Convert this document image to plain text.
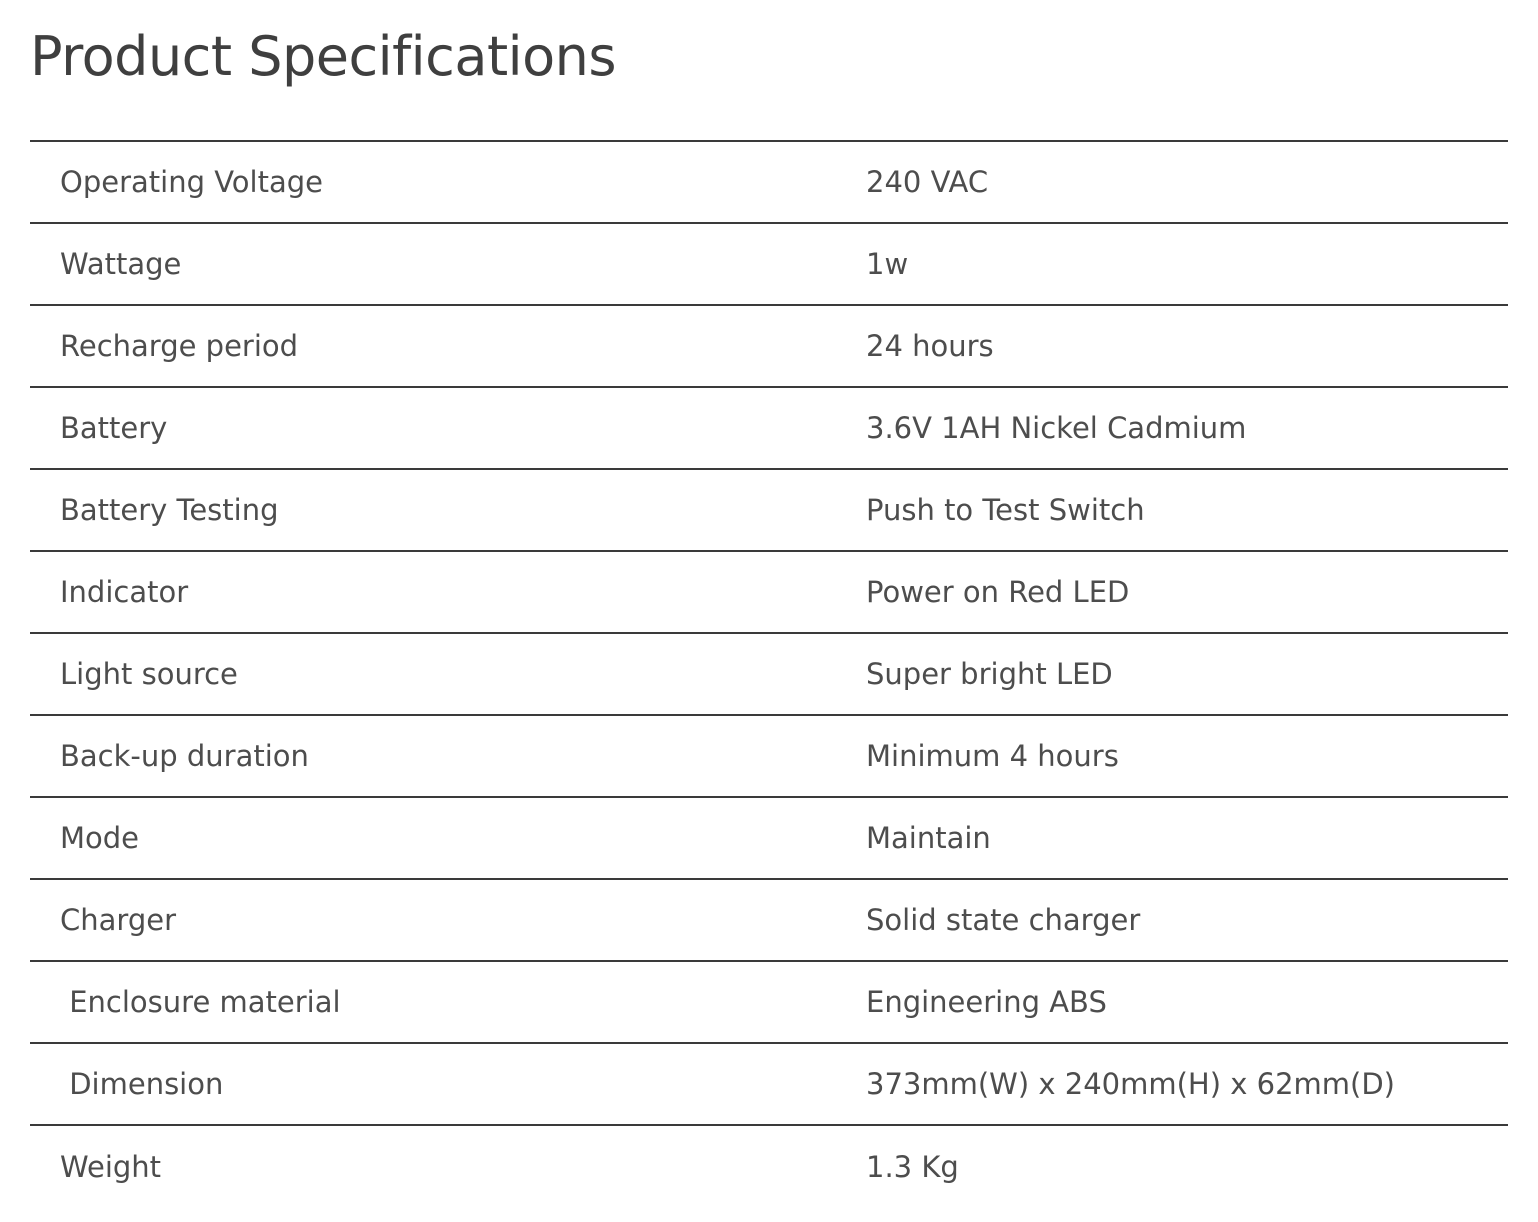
Product Specifications
Operating Voltage	240 VAC
Wattage	1w
Recharge period	24 hours
Battery	3.6V 1AH Nickel Cadmium
Battery Testing	Push to Test Switch
Indicator	Power on Red LED
Light source	Super bright LED
Back-up duration	Minimum 4 hours
Mode	Maintain
Charger	Solid state charger
Enclosure material	Engineering ABS
Dimension	373mm(W) x 240mm(H) x 62mm(D)
Weight	1.3 Kg
